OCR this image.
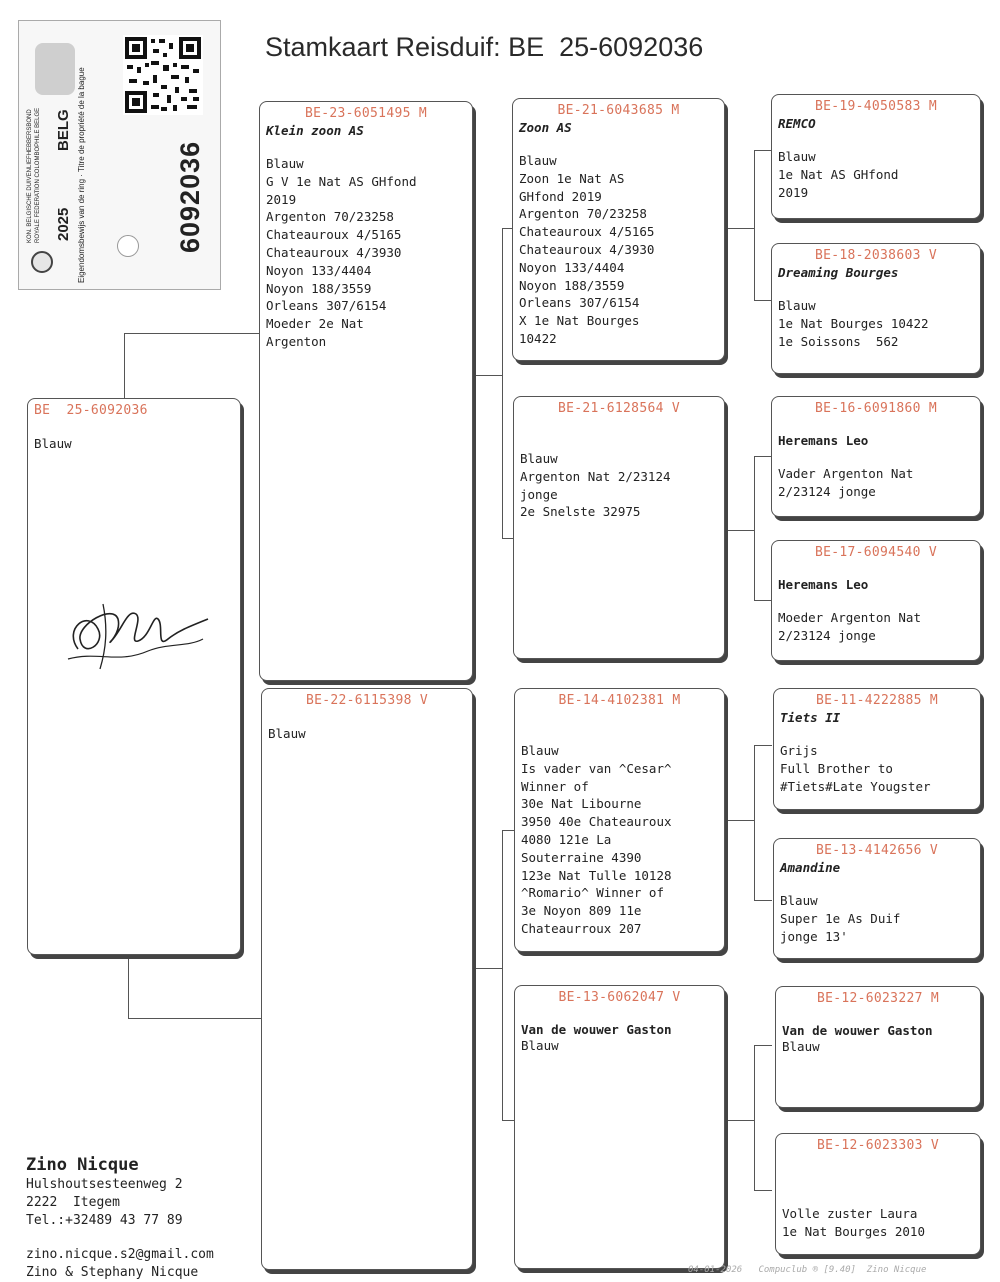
Stamkaart Reisduif: BE  25-6092036
KON. BELGISCHE DUIVENLIEFHEBBERSBOND ROYALE FEDERATION COLOMBOPHILE BELGE 2025
BELG Eigendomsbewijs van de ring · Titre de propriété de la bague	6092036
BE  25-6092036
Blauw
BE-23-6051495 M
Klein zoon AS
Blauw
G V 1e Nat AS GHfond
2019
Argenton 70/23258
Chateauroux 4/5165
Chateauroux 4/3930
Noyon 133/4404
Noyon 188/3559
Orleans 307/6154
Moeder 2e Nat
Argenton
BE-22-6115398 V
Blauw
BE-21-6043685 M
Zoon AS
Blauw
Zoon 1e Nat AS
GHfond 2019
Argenton 70/23258
Chateauroux 4/5165
Chateauroux 4/3930
Noyon 133/4404
Noyon 188/3559
Orleans 307/6154
X 1e Nat Bourges
10422
BE-21-6128564 V
Blauw
Argenton Nat 2/23124
jonge
2e Snelste 32975
BE-14-4102381 M
Blauw
Is vader van ^Cesar^
Winner of
30e Nat Libourne
3950 40e Chateauroux
4080 121e La
Souterraine 4390
123e Nat Tulle 10128
^Romario^ Winner of
3e Noyon 809 11e
Chateaurroux 207
BE-13-6062047 V
Van de wouwer Gaston
Blauw
BE-19-4050583 M
REMCO
Blauw
1e Nat AS GHfond
2019
BE-18-2038603 V
Dreaming Bourges
Blauw
1e Nat Bourges 10422
1e Soissons  562
BE-16-6091860 M
Heremans Leo
Vader Argenton Nat
2/23124 jonge
BE-17-6094540 V
Heremans Leo
Moeder Argenton Nat
2/23124 jonge
BE-11-4222885 M
Tiets II
Grijs
Full Brother to
#Tiets#Late Yougster
BE-13-4142656 V
Amandine
Blauw
Super 1e As Duif
jonge 13'
BE-12-6023227 M
Van de wouwer Gaston
Blauw
BE-12-6023303 V
Volle zuster Laura
1e Nat Bourges 2010
Zino Nicque
Hulshoutsesteenweg 2
2222  Itegem
Tel.:+32489 43 77 89
zino.nicque.s2@gmail.com
Zino & Stephany Nicque	04-01-2026   Compuclub ® [9.40]  Zino Nicque
